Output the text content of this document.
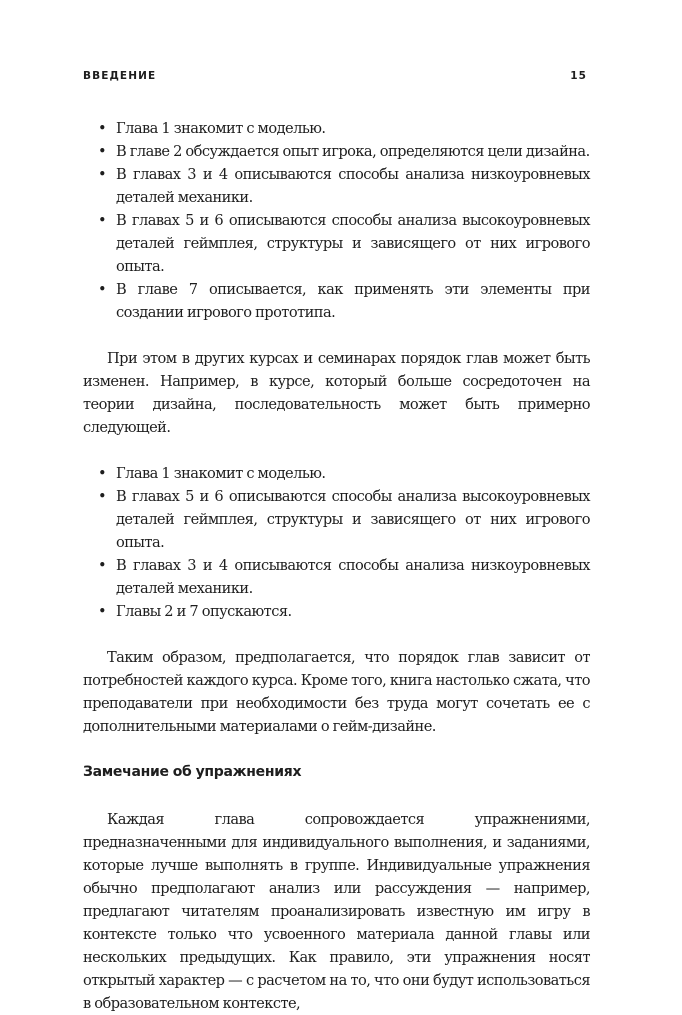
ВВЕДЕНИЕ	15
• Глава 1 знакомит с моделью.
• В главе 2 обсуждается опыт игрока, определяются цели дизайна.
• В главах 3 и 4 описываются способы анализа низкоуровневых деталей механики.
• В главах 5 и 6 описываются способы анализа высокоуровневых деталей геймплея, структуры и зависящего от них игрового опыта.
• В главе 7 описывается, как применять эти элементы при создании игрового прототипа.

При этом в других курсах и семинарах порядок глав может быть изменен. Например, в курсе, который больше сосредоточен на теории дизайна, последовательность может быть примерно следующей.

• Глава 1 знакомит с моделью.
• В главах 5 и 6 описываются способы анализа высокоуровневых деталей геймплея, структуры и зависящего от них игрового опыта.
• В главах 3 и 4 описываются способы анализа низкоуровневых деталей механики.
• Главы 2 и 7 опускаются.

Таким образом, предполагается, что порядок глав зависит от потребностей каждого курса. Кроме того, книга настолько сжата, что преподаватели при необходимости без труда могут сочетать ее с дополнительными материалами о гейм-дизайне.

Замечание об упражнениях

Каждая глава сопровождается упражнениями, предназначенными для индивидуального выполнения, и заданиями, которые лучше выполнять в группе. Индивидуальные упражнения обычно предполагают анализ или рассуждения — например, предлагают читателям проанализировать известную им игру в контексте только что усвоенного материала данной главы или нескольких предыдущих. Как правило, эти упражнения носят открытый характер — с расчетом на то, что они будут использоваться в образовательном контексте,
